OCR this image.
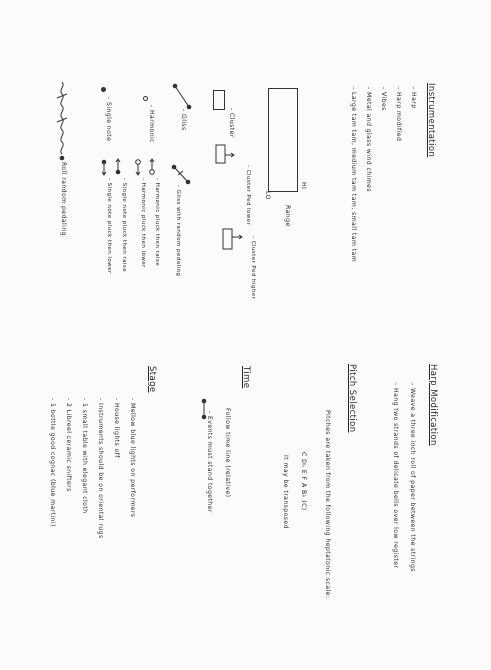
Instrumentation
- Harp
- Harp modified
- Vibes
- Metal and glass wind chimes
- Large tam tam, medium tam tam, small tam tam
HI
LO
Range
- Gliss	- Cluster
- Cluster Ped lower
- Cluster Ped higher
- Gliss with random pedaling
- Harmonic
- Harmonic pluck then raise
- Harmonic pluck then lower
- Single note
- Single note pluck then raise
- Single note pluck then lower
- Roll random pedaling
Harp Modification
- Weave a three inch roll of paper between the strings
- Hang two strands of delicate bells over low register
Pitch Selection
Pitches are taken from the following heptatonic scale:
C D♭ E F A B♭ (C)
It may be transposed
Time
Follow time line (relative)
- Events must stand together
Stage
- Mellow blue lights on performers
- House lights off
- Instruments should be on oriental rugs
- 1 small table with elegant cloth
- 2 Libreel ceramic snifters
- 1 bottle good cognac (blue martini)
